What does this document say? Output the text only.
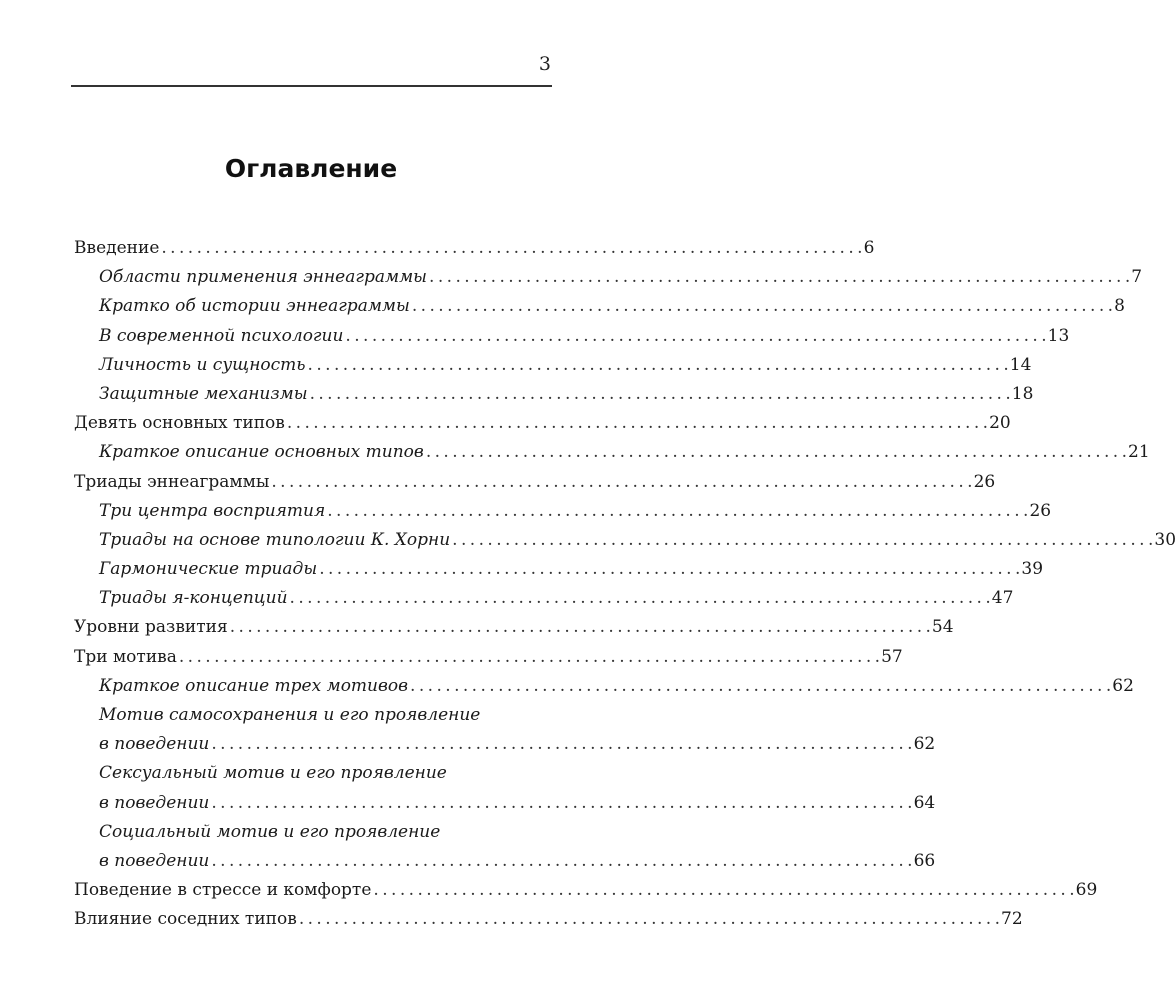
3
Оглавление
Введение . . .	6
Области применения эннеаграммы . . .	7
Кратко об истории эннеаграммы . . .	8
В современной психологии . . .	13
Личность и сущность . . .	14
Защитные механизмы . . .	18
Девять основных типов . . .	20
Краткое описание основных типов . . .	21
Триады эннеаграммы . . .	26
Три центра восприятия . . .	26
Триады на основе типологии К. Хорни . . .	30
Гармонические триады . . .	39
Триады я-концепций . . .	47
Уровни развития . . .	54
Три мотива . . .	57
Краткое описание трех мотивов . . .	62
Мотив самосохранения и его проявление
в поведении . . .	62
Сексуальный мотив и его проявление
в поведении . . .	64
Социальный мотив и его проявление
в поведении . . .	66
Поведение в стрессе и комфорте . . .	69
Влияние соседних типов . . .	72
